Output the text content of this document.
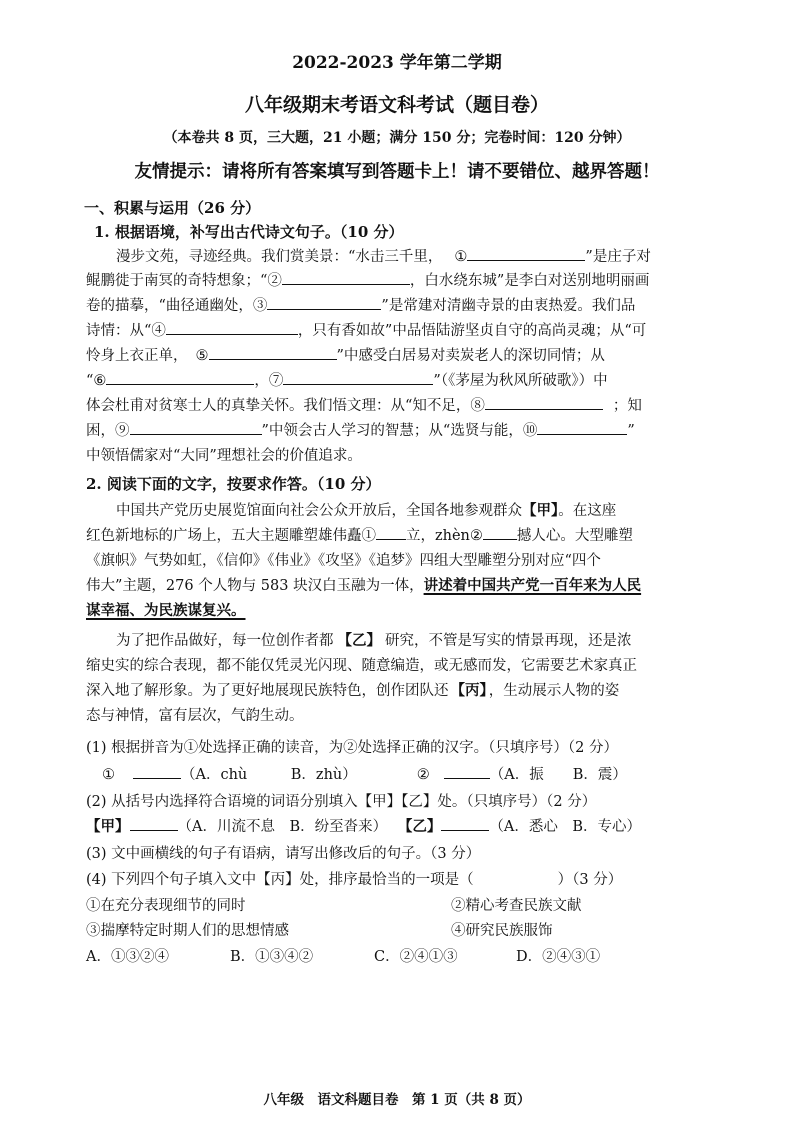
2022-2023 学年第二学期
八年级期末考语文科考试（题目卷）
（本卷共 8 页，三大题，21 小题；满分 150 分；完卷时间：120 分钟）
友情提示：请将所有答案填写到答题卡上！请不要错位、越界答题！
一、积累与运用（26 分）
1. 根据语境，补写出古代诗文句子。（10 分）
漫步文苑，寻迹经典。我们赏美景：“水击三千里， ①	”是庄子对
鲲鹏徙于南冥的奇特想象；“②	，白水绕东城”是李白对送别地明丽画
卷的描摹，“曲径通幽处，③	”是常建对清幽寺景的由衷热爱。我们品
诗情：从“④	，只有香如故”中品悟陆游坚贞自守的高尚灵魂；从“可
怜身上衣正单， ⑤	”中感受白居易对卖炭老人的深切同情；从
“⑥	，⑦	”（《茅屋为秋风所破歌》）中
体会杜甫对贫寒士人的真挚关怀。我们悟文理：从“知不足，⑧	；知
困，⑨	”中领会古人学习的智慧；从“选贤与能，⑩	”
中领悟儒家对“大同”理想社会的价值追求。
2. 阅读下面的文字，按要求作答。（10 分）
中国共产党历史展览馆面向社会公众开放后，全国各地参观群众【甲】。在这座
红色新地标的广场上，五大主题雕塑雄伟矗① 立，zhèn② 撼人心。大型雕塑
《旗帜》气势如虹，《信仰》《伟业》《攻坚》《追梦》四组大型雕塑分别对应“四个
伟大”主题，276 个人物与 583 块汉白玉融为一体，讲述着中国共产党一百年来为人民
谋幸福、为民族谋复兴。
为了把作品做好，每一位创作者都 【乙】 研究，不管是写实的情景再现，还是浓
缩史实的综合表现，都不能仅凭灵光闪现、随意编造，或无感而发，它需要艺术家真正
深入地了解形象。为了更好地展现民族特色，创作团队还 【丙】 ，生动展示人物的姿
态与神情，富有层次，气韵生动。
(1) 根据拼音为①处选择正确的读音，为②处选择正确的汉字。（只填序号）（2 分）
①	（A．chù　　　B．zhù）	②	（A．振　　B．震）
(2) 从括号内选择符合语境的词语分别填入【甲】【乙】处。（只填序号）（2 分）
【甲】	（A．川流不息　B．纷至沓来） 【乙】	（A．悉心　B．专心）
(3) 文中画横线的句子有语病，请写出修改后的句子。（3 分）
(4) 下列四个句子填入文中【丙】处，排序最恰当的一项是（	）（3 分）
①在充分表现细节的同时	②精心考查民族文献
③揣摩特定时期人们的思想情感	④研究民族服饰
A．①③②④	B．①③④②	C．②④①③	D．②④③①
八年级　语文科题目卷　第 1 页（共 8 页）
